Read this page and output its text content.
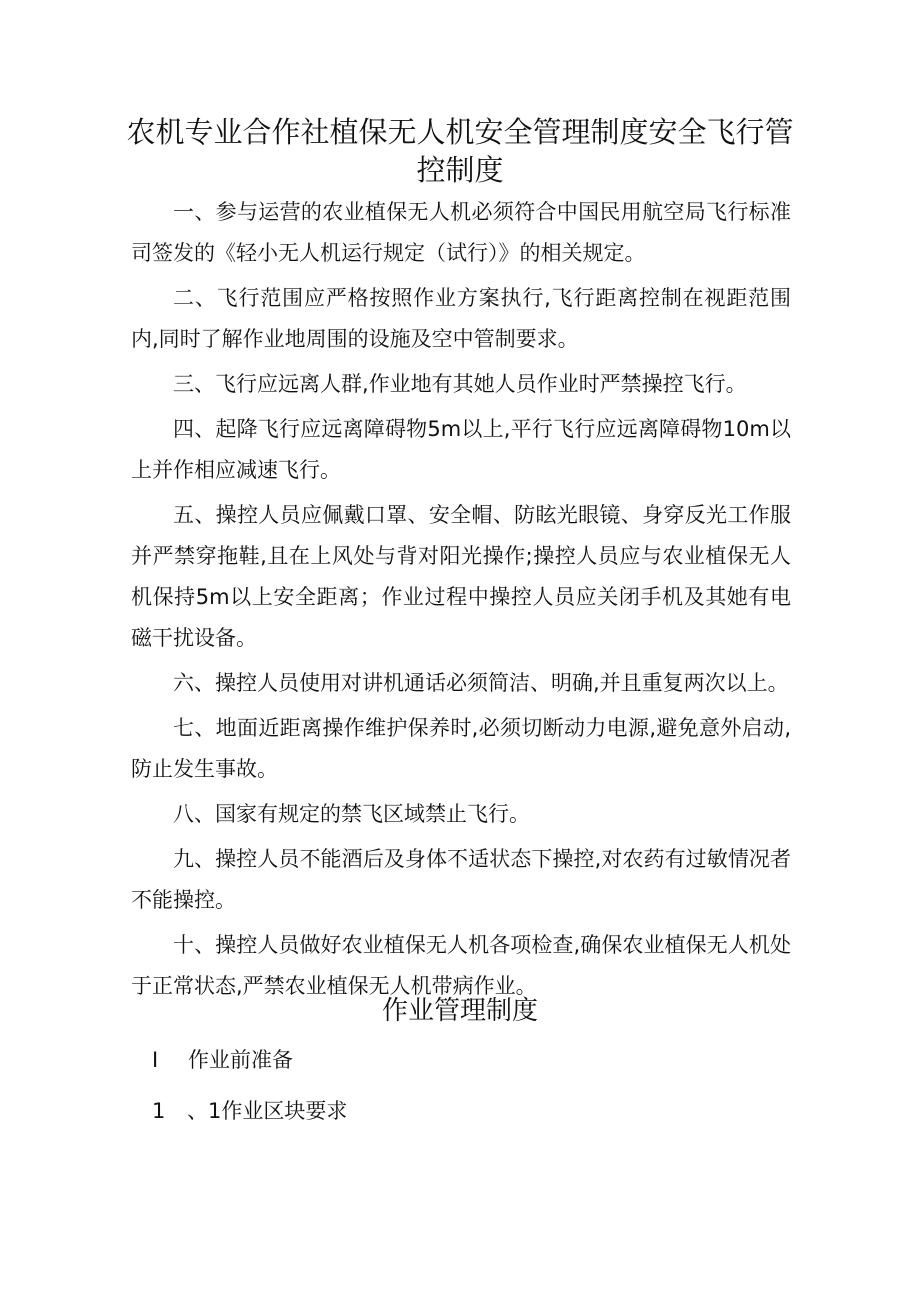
农机专业合作社植保无人机安全管理制度安全飞行管控制度

一、参与运营的农业植保无人机必须符合中国民用航空局飞行标准司签发的《轻小无人机运行规定（试行）》的相关规定。

二、飞行范围应严格按照作业方案执行,飞行距离控制在视距范围内,同时了解作业地周围的设施及空中管制要求。

三、飞行应远离人群,作业地有其她人员作业时严禁操控飞行。

四、起降飞行应远离障碍物5m以上,平行飞行应远离障碍物10m以上并作相应减速飞行。

五、操控人员应佩戴口罩、安全帽、防眩光眼镜、身穿反光工作服并严禁穿拖鞋,且在上风处与背对阳光操作;操控人员应与农业植保无人机保持5m以上安全距离；作业过程中操控人员应关闭手机及其她有电磁干扰设备。

六、操控人员使用对讲机通话必须简洁、明确,并且重复两次以上。

七、地面近距离操作维护保养时,必须切断动力电源,避免意外启动,防止发生事故。

八、国家有规定的禁飞区域禁止飞行。

九、操控人员不能酒后及身体不适状态下操控,对农药有过敏情况者不能操控。

十、操控人员做好农业植保无人机各项检查,确保农业植保无人机处于正常状态,严禁农业植保无人机带病作业。

作业管理制度
I 作业前准备
1 、1作业区块要求
